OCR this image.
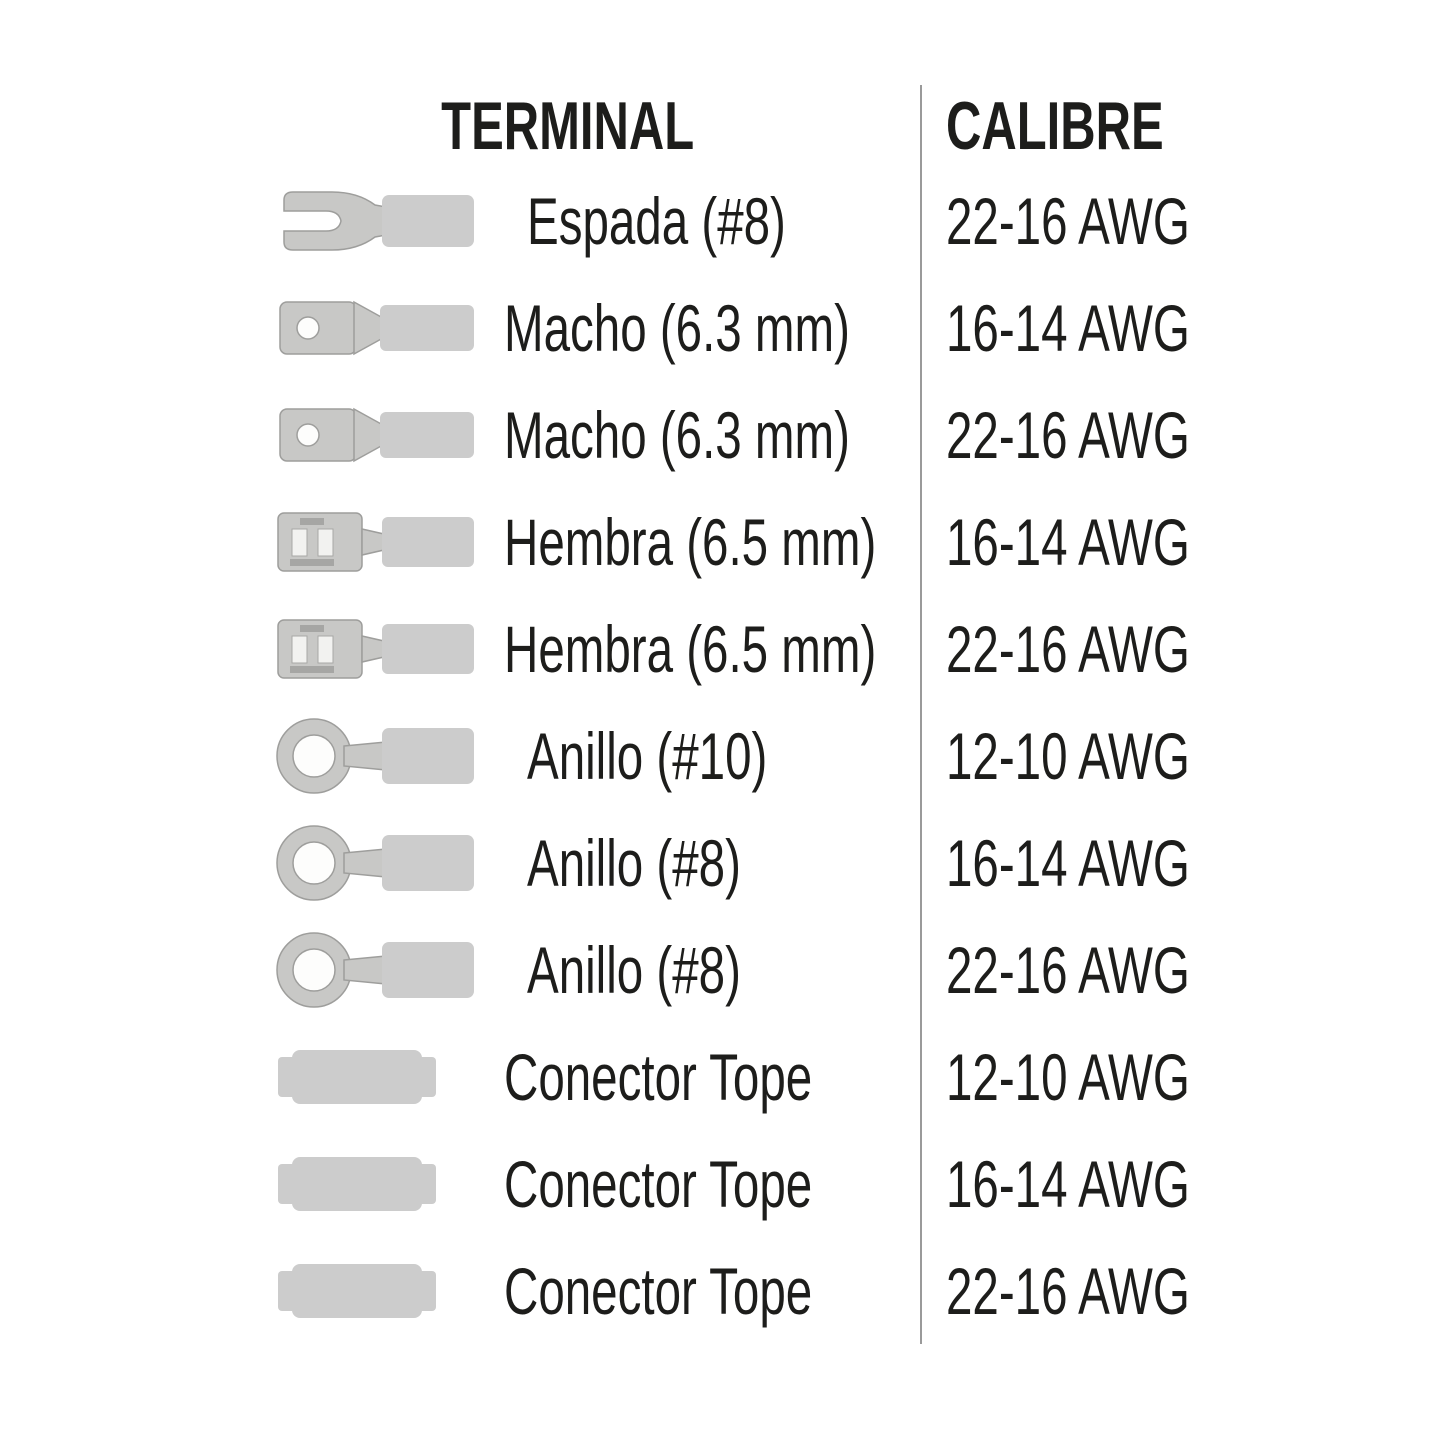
TERMINAL
Espada (#8)
Macho (6.3 mm)
Macho (6.3 mm)
Hembra (6.5 mm)
Hembra (6.5 mm)
Anillo (#10)
Anillo (#8)
Anillo (#8)
Conector Tope
Conector Tope
Conector Tope
CALIBRE
22-16 AWG
16-14 AWG
22-16 AWG
16-14 AWG
22-16 AWG
12-10 AWG
16-14 AWG
22-16 AWG
12-10 AWG
16-14 AWG
22-16 AWG
